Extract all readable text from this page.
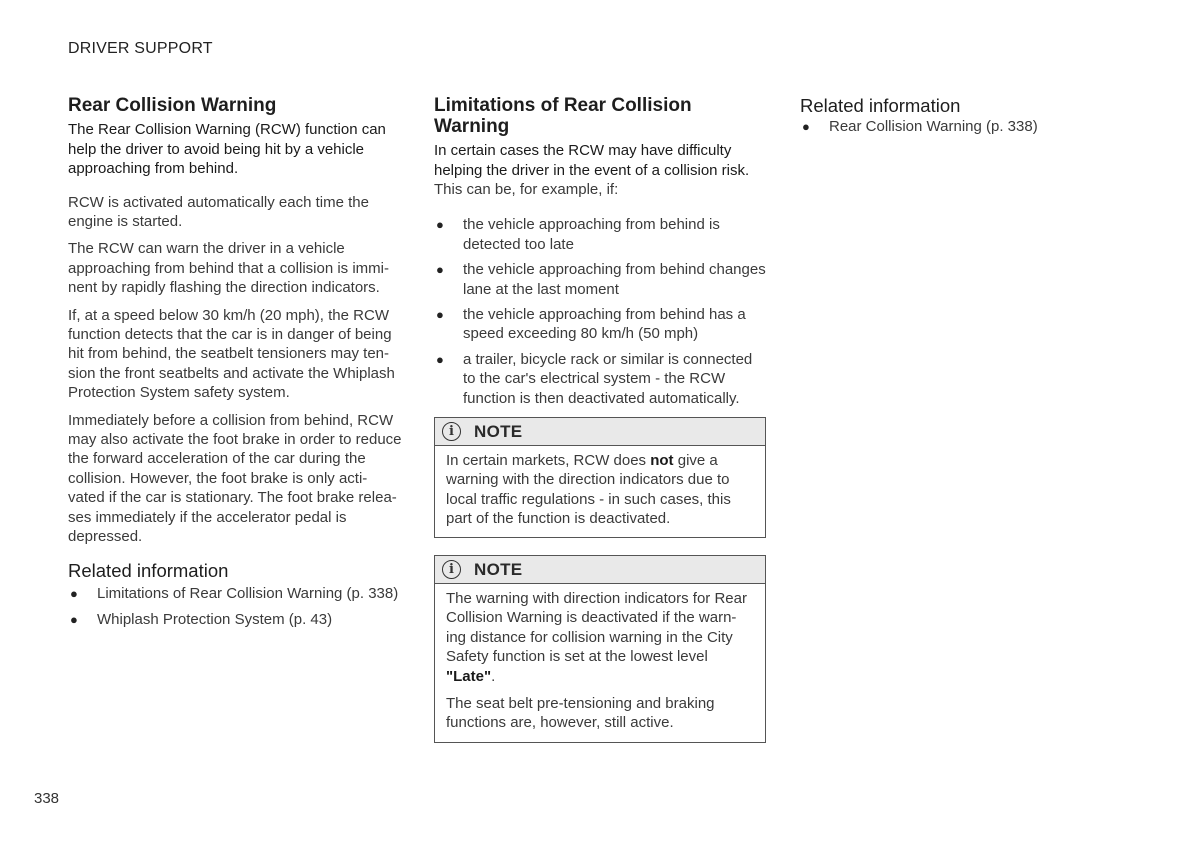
DRIVER SUPPORT
Rear Collision Warning

The Rear Collision Warning (RCW) function can help the driver to avoid being hit by a vehicle approaching from behind.

RCW is activated automatically each time the engine is started.

The RCW can warn the driver in a vehicle approaching from behind that a collision is immi-nent by rapidly flashing the direction indicators.

If, at a speed below 30 km/h (20 mph), the RCW function detects that the car is in danger of being hit from behind, the seatbelt tensioners may ten-sion the front seatbelts and activate the Whiplash Protection System safety system.

Immediately before a collision from behind, RCW may also activate the foot brake in order to reduce the forward acceleration of the car during the collision. However, the foot brake is only acti-vated if the car is stationary. The foot brake relea-ses immediately if the accelerator pedal is depressed.

Related information
● Limitations of Rear Collision Warning (p. 338)
● Whiplash Protection System (p. 43)
Limitations of Rear Collision Warning

In certain cases the RCW may have difficulty helping the driver in the event of a collision risk.

This can be, for example, if:

● the vehicle approaching from behind is detected too late
● the vehicle approaching from behind changes lane at the last moment
● the vehicle approaching from behind has a speed exceeding 80 km/h (50 mph)
● a trailer, bicycle rack or similar is connected to the car's electrical system - the RCW function is then deactivated automatically.
i	NOTE

In certain markets, RCW does not give a warning with the direction indicators due to local traffic regulations - in such cases, this part of the function is deactivated.

i	NOTE

The warning with direction indicators for Rear Collision Warning is deactivated if the warn-ing distance for collision warning in the City Safety function is set at the lowest level "Late".

The seat belt pre-tensioning and braking functions are, however, still active.

Related information
● Rear Collision Warning (p. 338)
338
